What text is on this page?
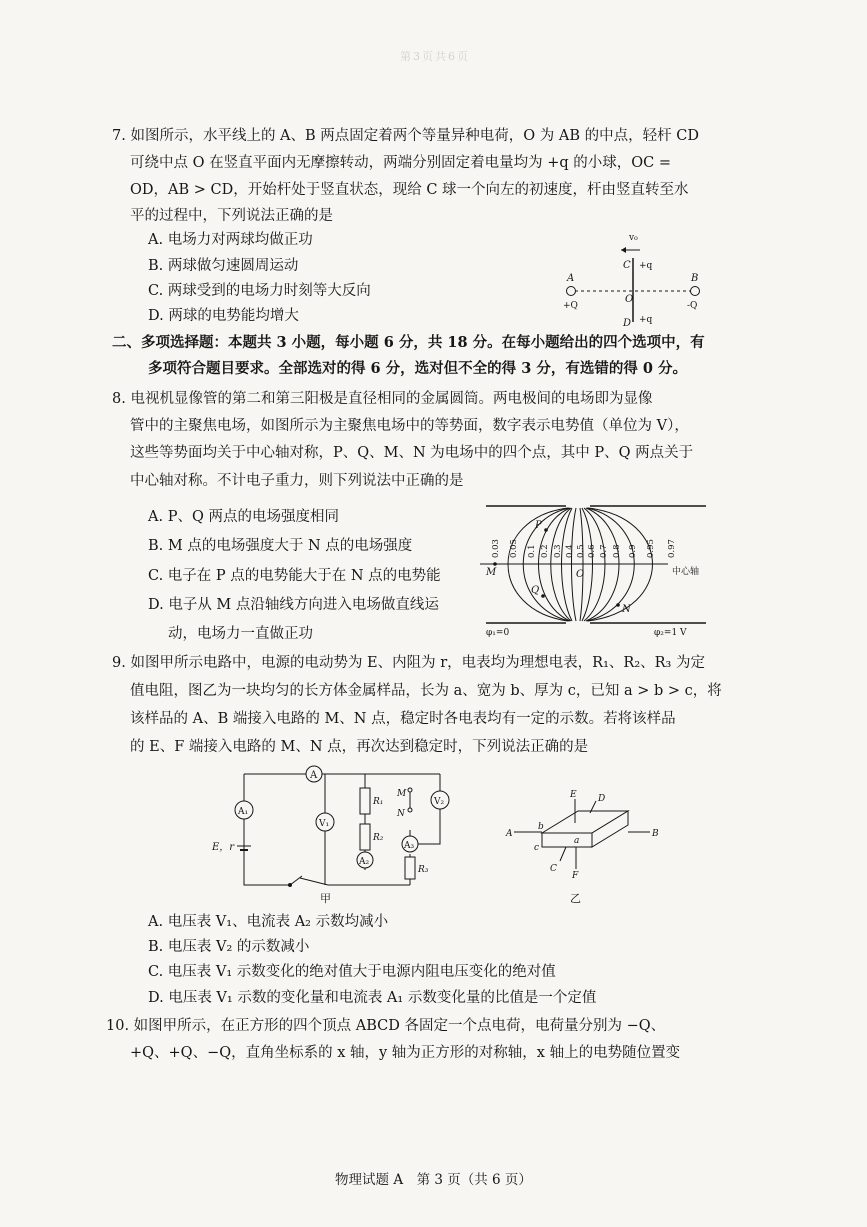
第3页共6页
7. 如图所示，水平线上的 A、B 两点固定着两个等量异种电荷，O 为 AB 的中点，轻杆 CD
可绕中点 O 在竖直平面内无摩擦转动，两端分别固定着电量均为 +q 的小球，OC =
OD，AB > CD，开始杆处于竖直状态，现给 C 球一个向左的初速度，杆由竖直转至水
平的过程中，下列说法正确的是
A. 电场力对两球均做正功
B. 两球做匀速圆周运动
C. 两球受到的电场力时刻等大反向
D. 两球的电势能均增大
v₀
C +q
A
+Q
B
-Q
O
D +q
二、多项选择题：本题共 3 小题，每小题 6 分，共 18 分。在每小题给出的四个选项中，有
多项符合题目要求。全部选对的得 6 分，选对但不全的得 3 分，有选错的得 0 分。
8. 电视机显像管的第二和第三阳极是直径相同的金属圆筒。两电极间的电场即为显像
管中的主聚焦电场，如图所示为主聚焦电场中的等势面，数字表示电势值（单位为 V），
这些等势面均关于中心轴对称，P、Q、M、N 为电场中的四个点，其中 P、Q 两点关于
中心轴对称。不计电子重力，则下列说法中正确的是
A. P、Q 两点的电场强度相同
B. M 点的电场强度大于 N 点的电场强度
C. 电子在 P 点的电势能大于在 N 点的电势能
D. 电子从 M 点沿轴线方向进入电场做直线运
动，电场力一直做正功
0.03 0.05 0.1 0.2 0.3 0.4 0.5 0.6 0.7 0.8 0.9 0.95 0.97
P
M	O
Q
N
中心轴
φ₁=0	φ₂=1 V
9. 如图甲所示电路中，电源的电动势为 E、内阻为 r，电表均为理想电表，R₁、R₂、R₃ 为定
值电阻，图乙为一块均匀的长方体金属样品，长为 a、宽为 b、厚为 c，已知 a > b > c，将
该样品的 A、B 端接入电路的 M、N 点，稳定时各电表均有一定的示数。若将该样品
的 E、F 端接入电路的 M、N 点，再次达到稳定时，下列说法正确的是
A
A₁
E，r
V₁
R₁
R₂
A₂
M
N
V₂
A₃
R₃
甲
E D
A
b
B
c
a
C
F
乙
A. 电压表 V₁、电流表 A₂ 示数均减小
B. 电压表 V₂ 的示数减小
C. 电压表 V₁ 示数变化的绝对值大于电源内阻电压变化的绝对值
D. 电压表 V₁ 示数的变化量和电流表 A₁ 示数变化量的比值是一个定值
10. 如图甲所示，在正方形的四个顶点 ABCD 各固定一个点电荷，电荷量分别为 −Q、
+Q、+Q、−Q，直角坐标系的 x 轴，y 轴为正方形的对称轴，x 轴上的电势随位置变
物理试题 A　第 3 页（共 6 页）
